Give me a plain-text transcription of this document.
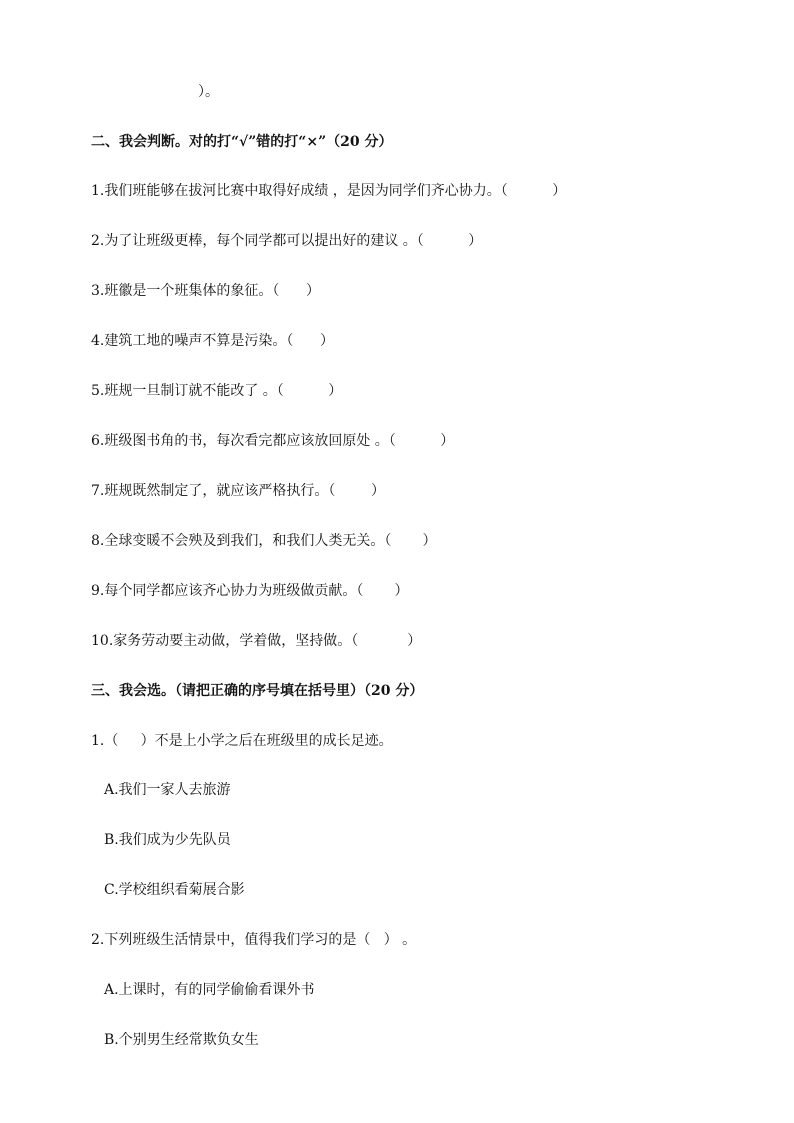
）。
二、我会判断。对的打“√”错的打“×”（20 分）
1.我们班能够在拔河比赛中取得好成绩 ，是因为同学们齐心协力。（          ）
2.为了让班级更棒，每个同学都可以提出好的建议 。（          ）
3.班徽是一个班集体的象征。（      ）
4.建筑工地的噪声不算是污染。（      ）
5.班规一旦制订就不能改了 。（          ）
6.班级图书角的书，每次看完都应该放回原处 。（          ）
7.班规既然制定了，就应该严格执行。（        ）
8.全球变暖不会殃及到我们，和我们人类无关。（       ）
9.每个同学都应该齐心协力为班级做贡献。（       ）
10.家务劳动要主动做，学着做，坚持做。（           ）
三、我会选。（请把正确的序号填在括号里）（20 分）
1.（     ）不是上小学之后在班级里的成长足迹。
A.我们一家人去旅游
B.我们成为少先队员
C.学校组织看菊展合影
2.下列班级生活情景中，值得我们学习的是（   ） 。
A.上课时，有的同学偷偷看课外书
B.个别男生经常欺负女生
